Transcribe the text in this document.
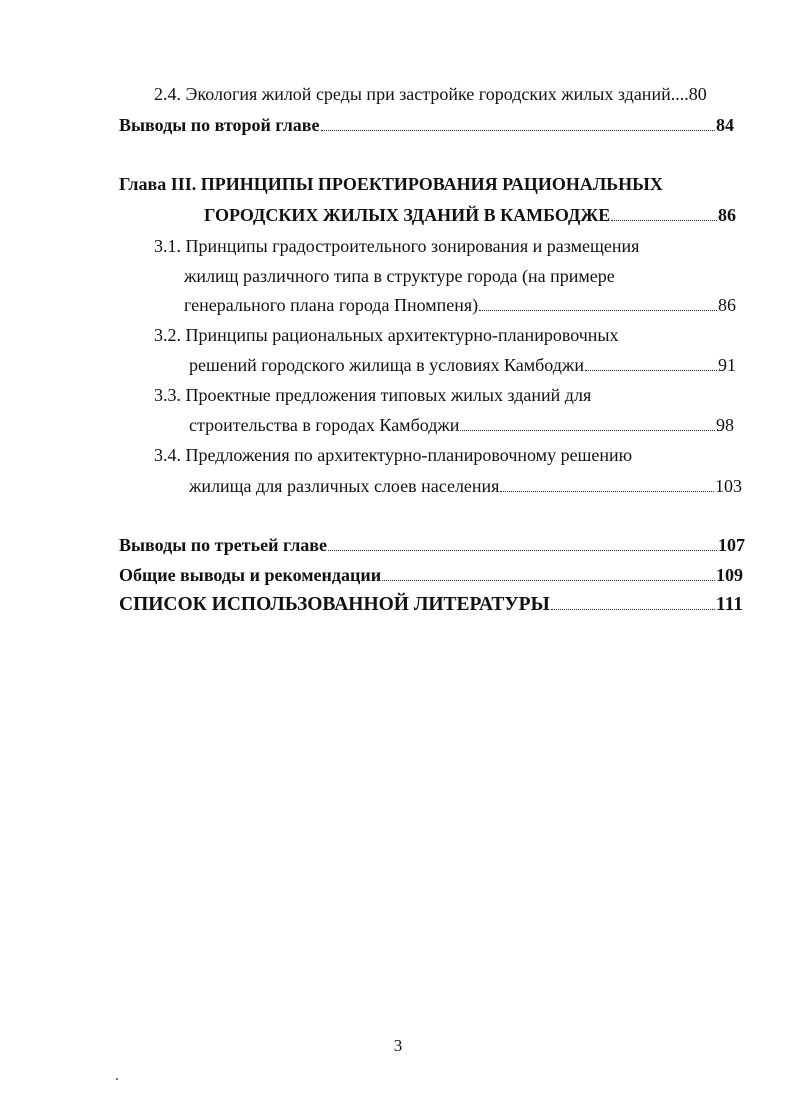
2.4. Экология жилой среды при застройке городских жилых зданий.... 80
Выводы по второй главе	84
Глава III. ПРИНЦИПЫ ПРОЕКТИРОВАНИЯ РАЦИОНАЛЬНЫХ
ГОРОДСКИХ ЖИЛЫХ ЗДАНИЙ В КАМБОДЖЕ	86
3.1. Принципы градостроительного зонирования и размещения
жилищ различного типа в структуре города (на примере
генерального плана города Пномпеня)	86
3.2. Принципы рациональных архитектурно-планировочных
решений городского жилища в условиях Камбоджи	91
3.3. Проектные предложения типовых жилых зданий для
строительства в городах Камбоджи	98
3.4. Предложения по архитектурно-планировочному решению
жилища для различных слоев населения	103
Выводы по третьей главе	107
Общие выводы и рекомендации	109
СПИСОК ИСПОЛЬЗОВАННОЙ ЛИТЕРАТУРЫ	111
3
